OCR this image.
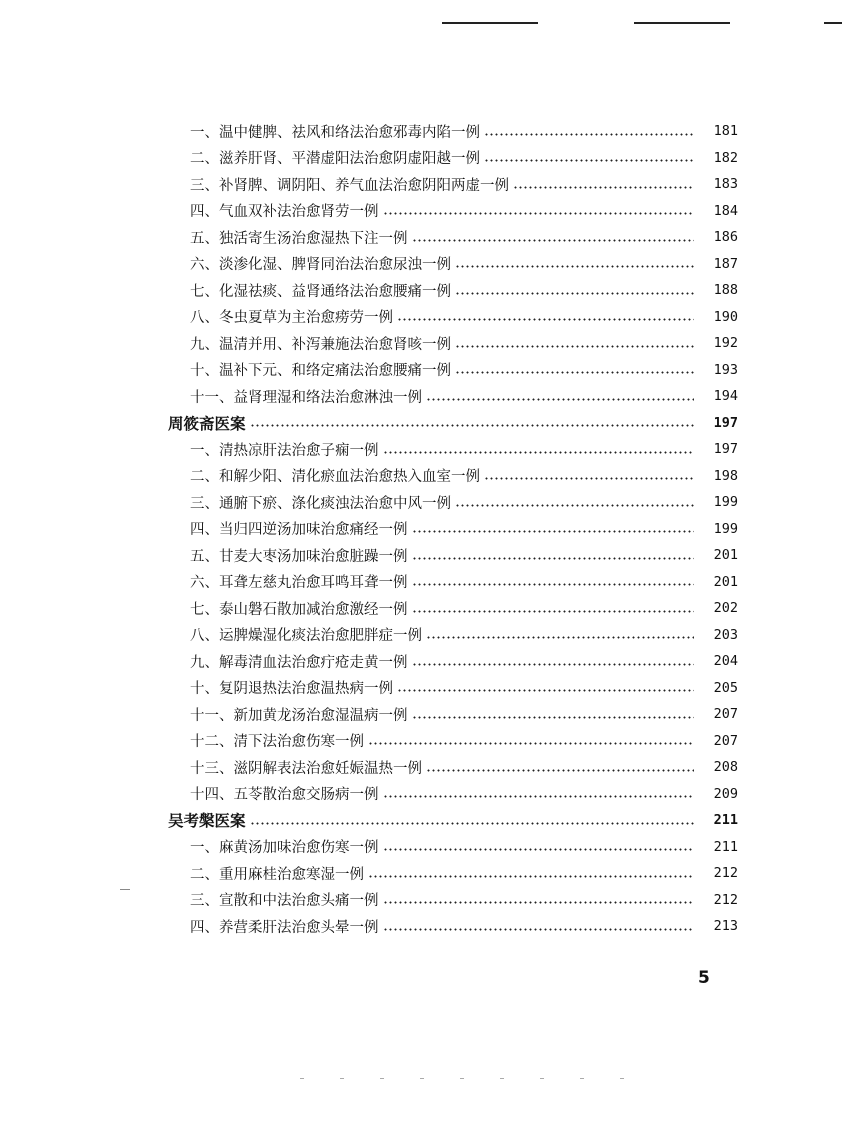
一、温中健脾、祛风和络法治愈邪毒内陷一例	181
二、滋养肝肾、平潜虚阳法治愈阴虚阳越一例	182
三、补肾脾、调阴阳、养气血法治愈阴阳两虚一例	183
四、气血双补法治愈肾劳一例	184
五、独活寄生汤治愈湿热下注一例	186
六、淡渗化湿、脾肾同治法治愈尿浊一例	187
七、化湿祛痰、益肾通络法治愈腰痛一例	188
八、冬虫夏草为主治愈痨劳一例	190
九、温清并用、补泻兼施法治愈肾咳一例	192
十、温补下元、和络定痛法治愈腰痛一例	193
十一、益肾理湿和络法治愈淋浊一例	194
周筱斋医案	197
一、清热凉肝法治愈子痫一例	197
二、和解少阳、清化瘀血法治愈热入血室一例	198
三、通腑下瘀、涤化痰浊法治愈中风一例	199
四、当归四逆汤加味治愈痛经一例	199
五、甘麦大枣汤加味治愈脏躁一例	201
六、耳聋左慈丸治愈耳鸣耳聋一例	201
七、泰山磐石散加减治愈激经一例	202
八、运脾燥湿化痰法治愈肥胖症一例	203
九、解毒清血法治愈疔疮走黄一例	204
十、复阴退热法治愈温热病一例	205
十一、新加黄龙汤治愈湿温病一例	207
十二、清下法治愈伤寒一例	207
十三、滋阴解表法治愈妊娠温热一例	208
十四、五苓散治愈交肠病一例	209
吴考槃医案	211
一、麻黄汤加味治愈伤寒一例	211
二、重用麻桂治愈寒湿一例	212
三、宣散和中法治愈头痛一例	212
四、养营柔肝法治愈头晕一例	213
5
